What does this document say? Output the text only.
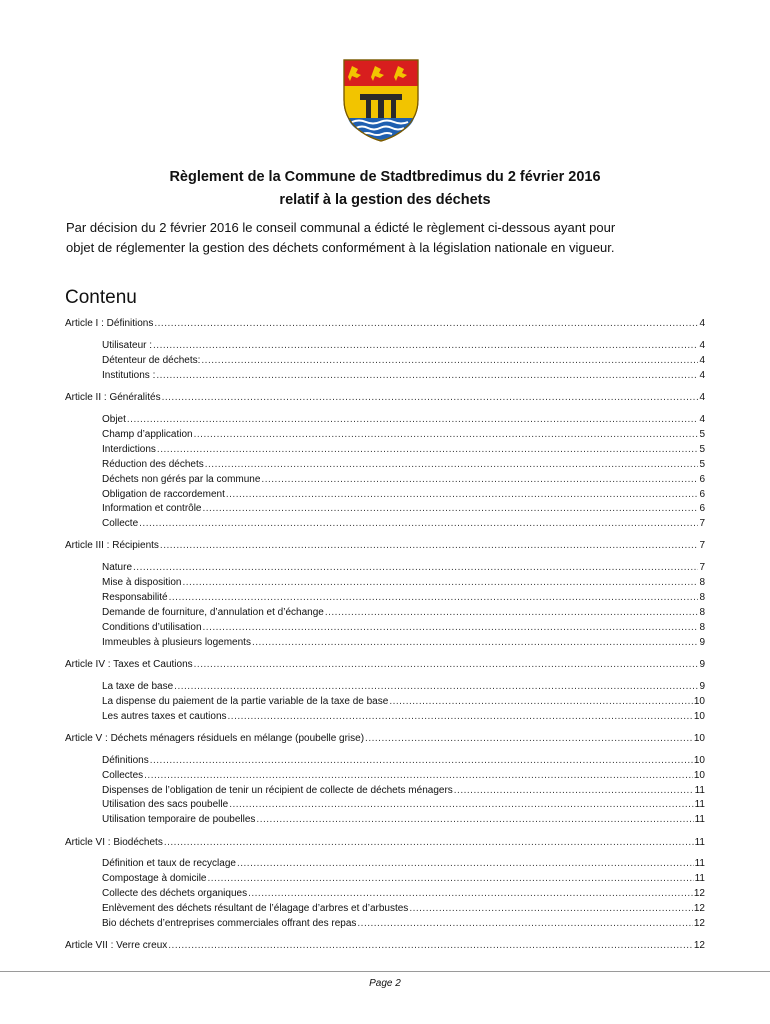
Règlement de la Commune de Stadtbredimus du 2 février 2016
relatif à la gestion des déchets
Par décision du 2 février 2016 le conseil communal a édicté le règlement ci-dessous ayant pour
objet de réglementer la gestion des déchets conformément à la législation nationale en vigueur.
Contenu
Article I : Définitions .....	4
Utilisateur : .....	4
Détenteur de déchets: .....	4
Institutions : .....	4
Article II : Généralités .....	4
Objet .....	4
Champ d’application .....	5
Interdictions .....	5
Réduction des déchets .....	5
Déchets non gérés par la commune .....	6
Obligation de raccordement .....	6
Information et contrôle .....	6
Collecte .....	7
Article III : Récipients .....	7
Nature .....	7
Mise à disposition .....	8
Responsabilité .....	8
Demande de fourniture, d’annulation et d’échange .....	8
Conditions d’utilisation .....	8
Immeubles à plusieurs logements .....	9
Article IV : Taxes et Cautions .....	9
La taxe de base .....	9
La dispense du paiement de la partie variable de la taxe de base .....	10
Les autres taxes et cautions .....	10
Article V : Déchets ménagers résiduels en mélange (poubelle grise) .....	10
Définitions .....	10
Collectes .....	10
Dispenses de l’obligation de tenir un récipient de collecte de déchets ménagers .....	11
Utilisation des sacs poubelle .....	11
Utilisation temporaire de poubelles .....	11
Article VI : Biodéchets .....	11
Définition et taux de recyclage .....	11
Compostage à domicile .....	11
Collecte des déchets organiques .....	12
Enlèvement des déchets résultant de l’élagage d’arbres et d’arbustes .....	12
Bio déchets d’entreprises commerciales offrant des repas .....	12
Article VII : Verre creux .....	12
Page 2
